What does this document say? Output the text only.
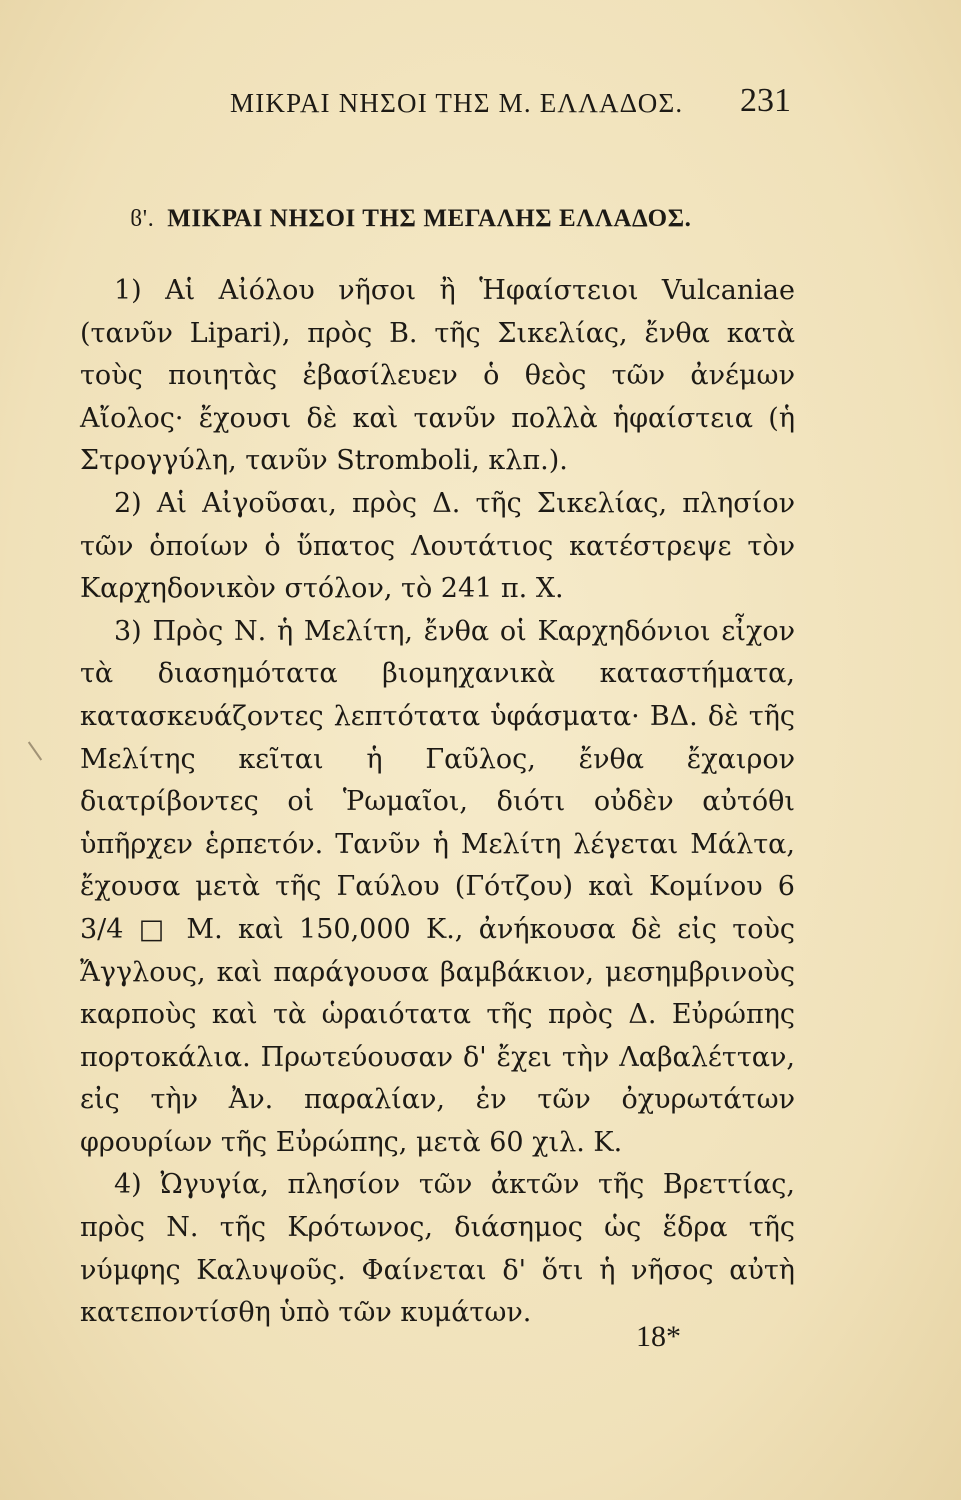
ΜΙΚΡΑΙ ΝΗΣΟΙ ΤΗΣ Μ. ΕΛΛΑΔΟΣ. 231
ϐ'. ΜΙΚΡΑΙ ΝΗΣΟΙ ΤΗΣ ΜΕΓΑΛΗΣ ΕΛΛΑΔΟΣ.

1) Αἱ Αἰόλου νῆσοι ἢ Ἡφαίστειοι Vulcaniae (τανῦν Lipari), πρὸς Β. τῆς Σικελίας, ἔνθα κατὰ τοὺς ποιητὰς ἐβασίλευεν ὁ θεὸς τῶν ἀνέμων Αἴολος· ἔχουσι δὲ καὶ τανῦν πολλὰ ἡφαίστεια (ἡ Στρογγύλη, τανῦν Stromboli, κλπ.).

2) Αἱ Αἰγοῦσαι, πρὸς Δ. τῆς Σικελίας, πλησίον τῶν ὁποίων ὁ ὕπατος Λουτάτιος κατέστρεψε τὸν Καρχηδονικὸν στόλον, τὸ 241 π. Χ.

3) Πρὸς Ν. ἡ Μελίτη, ἔνθα οἱ Καρχηδόνιοι εἶχον τὰ διασημότατα βιομηχανικὰ καταστήματα, κατασκευάζοντες λεπτότατα ὑφάσματα· ΒΔ. δὲ τῆς Μελίτης κεῖται ἡ Γαῦλος, ἔνθα ἔχαιρον διατρίβοντες οἱ Ῥωμαῖοι, διότι οὐδὲν αὐτόθι ὑπῆρχεν ἑρπετόν. Τανῦν ἡ Μελίτη λέγεται Μάλτα, ἔχουσα μετὰ τῆς Γαύλου (Γότζου) καὶ Κομίνου 6 3/4 □ Μ. καὶ 150,000 Κ., ἀνήκουσα δὲ εἰς τοὺς Ἄγγλους, καὶ παράγουσα βαμβάκιον, μεσημβρινοὺς καρποὺς καὶ τὰ ὡραιότατα τῆς πρὸς Δ. Εὐρώπης πορτοκάλια. Πρωτεύουσαν δ' ἔχει τὴν Λαβαλέτταν, εἰς τὴν Ἀν. παραλίαν, ἐν τῶν ὀχυρωτάτων φρουρίων τῆς Εὐρώπης, μετὰ 60 χιλ. Κ.

4) Ὠγυγία, πλησίον τῶν ἀκτῶν τῆς Βρεττίας, πρὸς Ν. τῆς Κρότωνος, διάσημος ὡς ἕδρα τῆς νύμφης Καλυψοῦς. Φαίνεται δ' ὅτι ἡ νῆσος αὐτὴ κατεποντίσθη ὑπὸ τῶν κυμάτων.

18*
